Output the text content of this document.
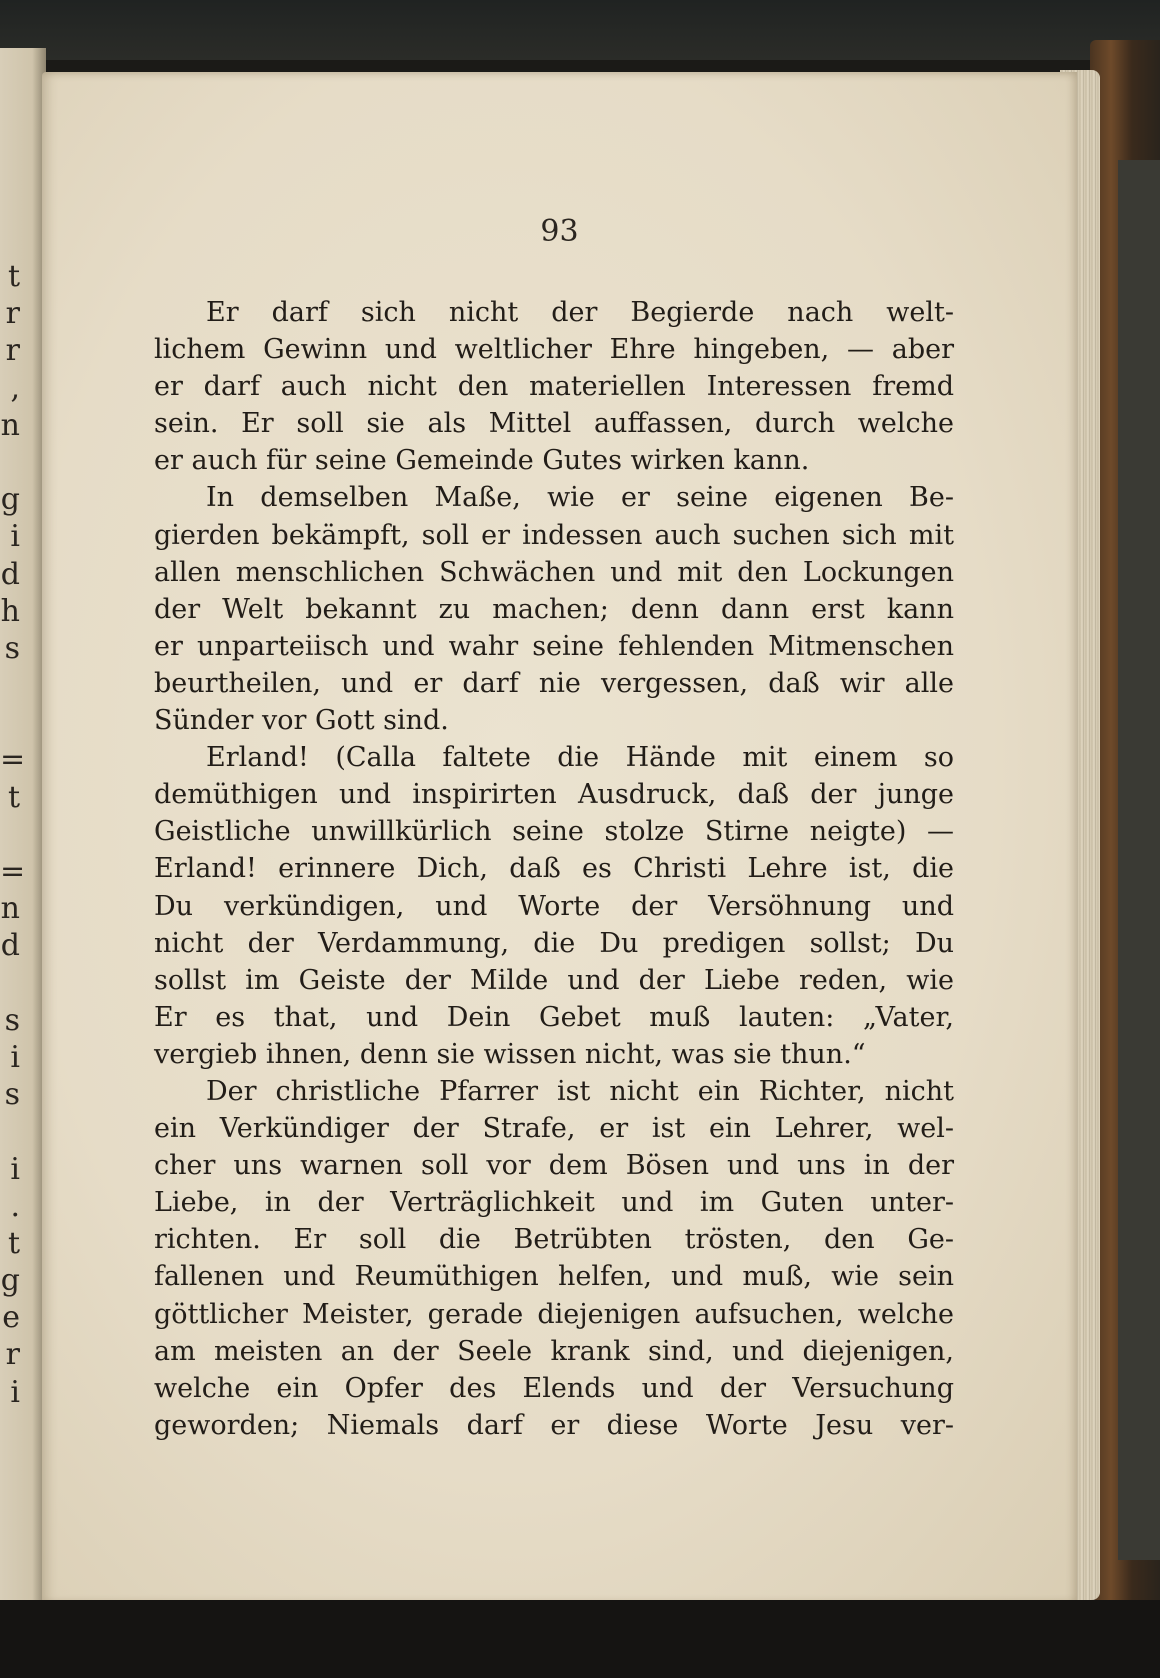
t
r
r
,
n
g
i
d
h
s
=
t
=
n
d
s
i
s
i
.
t
g
e
r
i
93
Er darf sich nicht der Begierde nach welt-
lichem Gewinn und weltlicher Ehre hingeben, — aber
er darf auch nicht den materiellen Interessen fremd
sein. Er soll sie als Mittel auffassen, durch welche
er auch für seine Gemeinde Gutes wirken kann.
In demselben Maße, wie er seine eigenen Be-
gierden bekämpft, soll er indessen auch suchen sich mit
allen menschlichen Schwächen und mit den Lockungen
der Welt bekannt zu machen; denn dann erst kann
er unparteiisch und wahr seine fehlenden Mitmenschen
beurtheilen, und er darf nie vergessen, daß wir alle
Sünder vor Gott sind.
Erland! (Calla faltete die Hände mit einem so
demüthigen und inspirirten Ausdruck, daß der junge
Geistliche unwillkürlich seine stolze Stirne neigte) —
Erland! erinnere Dich, daß es Christi Lehre ist, die
Du verkündigen, und Worte der Versöhnung und
nicht der Verdammung, die Du predigen sollst; Du
sollst im Geiste der Milde und der Liebe reden, wie
Er es that, und Dein Gebet muß lauten: „Vater,
vergieb ihnen, denn sie wissen nicht, was sie thun.“
Der christliche Pfarrer ist nicht ein Richter, nicht
ein Verkündiger der Strafe, er ist ein Lehrer, wel-
cher uns warnen soll vor dem Bösen und uns in der
Liebe, in der Verträglichkeit und im Guten unter-
richten. Er soll die Betrübten trösten, den Ge-
fallenen und Reumüthigen helfen, und muß, wie sein
göttlicher Meister, gerade diejenigen aufsuchen, welche
am meisten an der Seele krank sind, und diejenigen,
welche ein Opfer des Elends und der Versuchung
geworden; Niemals darf er diese Worte Jesu ver-
